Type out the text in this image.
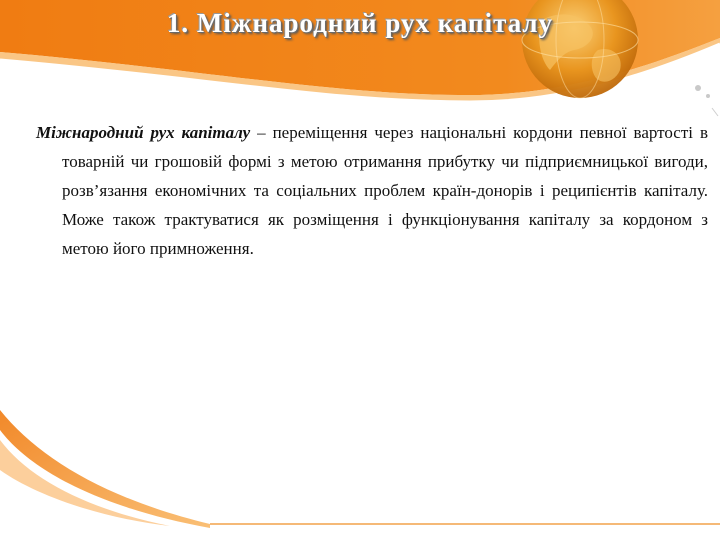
1. Міжнародний рух капіталу

Міжнародний рух капіталу – переміщення через національні кордони певної вартості в товарній чи грошовій формі з метою отримання прибутку чи підприємницької вигоди, розв’язання економічних та соціальних проблем країн-донорів і реципієнтів капіталу. Може також трактуватися як розміщення і функціонування капіталу за кордоном з метою його примноження.
